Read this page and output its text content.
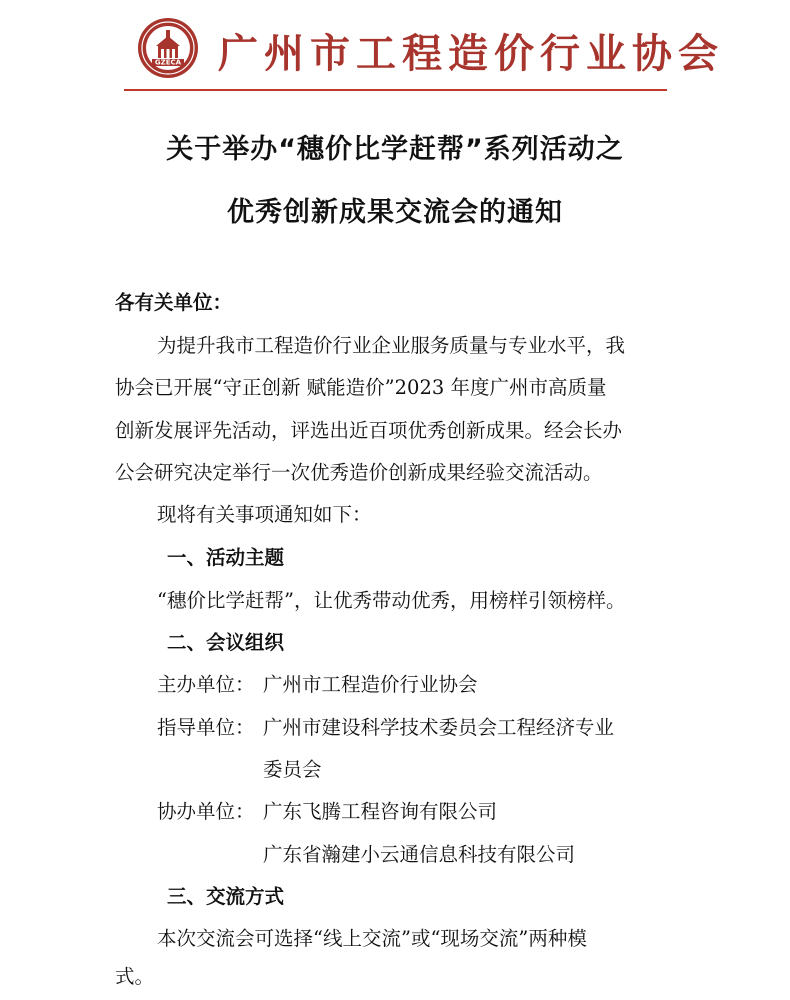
GZECA 广州市工程造价行业协会
关于举办“穗价比学赶帮”系列活动之
优秀创新成果交流会的通知
各有关单位：
为提升我市工程造价行业企业服务质量与专业水平，我
协会已开展“守正创新 赋能造价”2023 年度广州市高质量
创新发展评先活动，评选出近百项优秀创新成果。经会长办
公会研究决定举行一次优秀造价创新成果经验交流活动。
现将有关事项通知如下：
一、活动主题
“穗价比学赶帮”，让优秀带动优秀，用榜样引领榜样。
二、会议组织
主办单位： 广州市工程造价行业协会
指导单位： 广州市建设科学技术委员会工程经济专业
委员会
协办单位： 广东飞腾工程咨询有限公司
广东省瀚建小云通信息科技有限公司
三、交流方式
本次交流会可选择“线上交流”或“现场交流”两种模
式。
